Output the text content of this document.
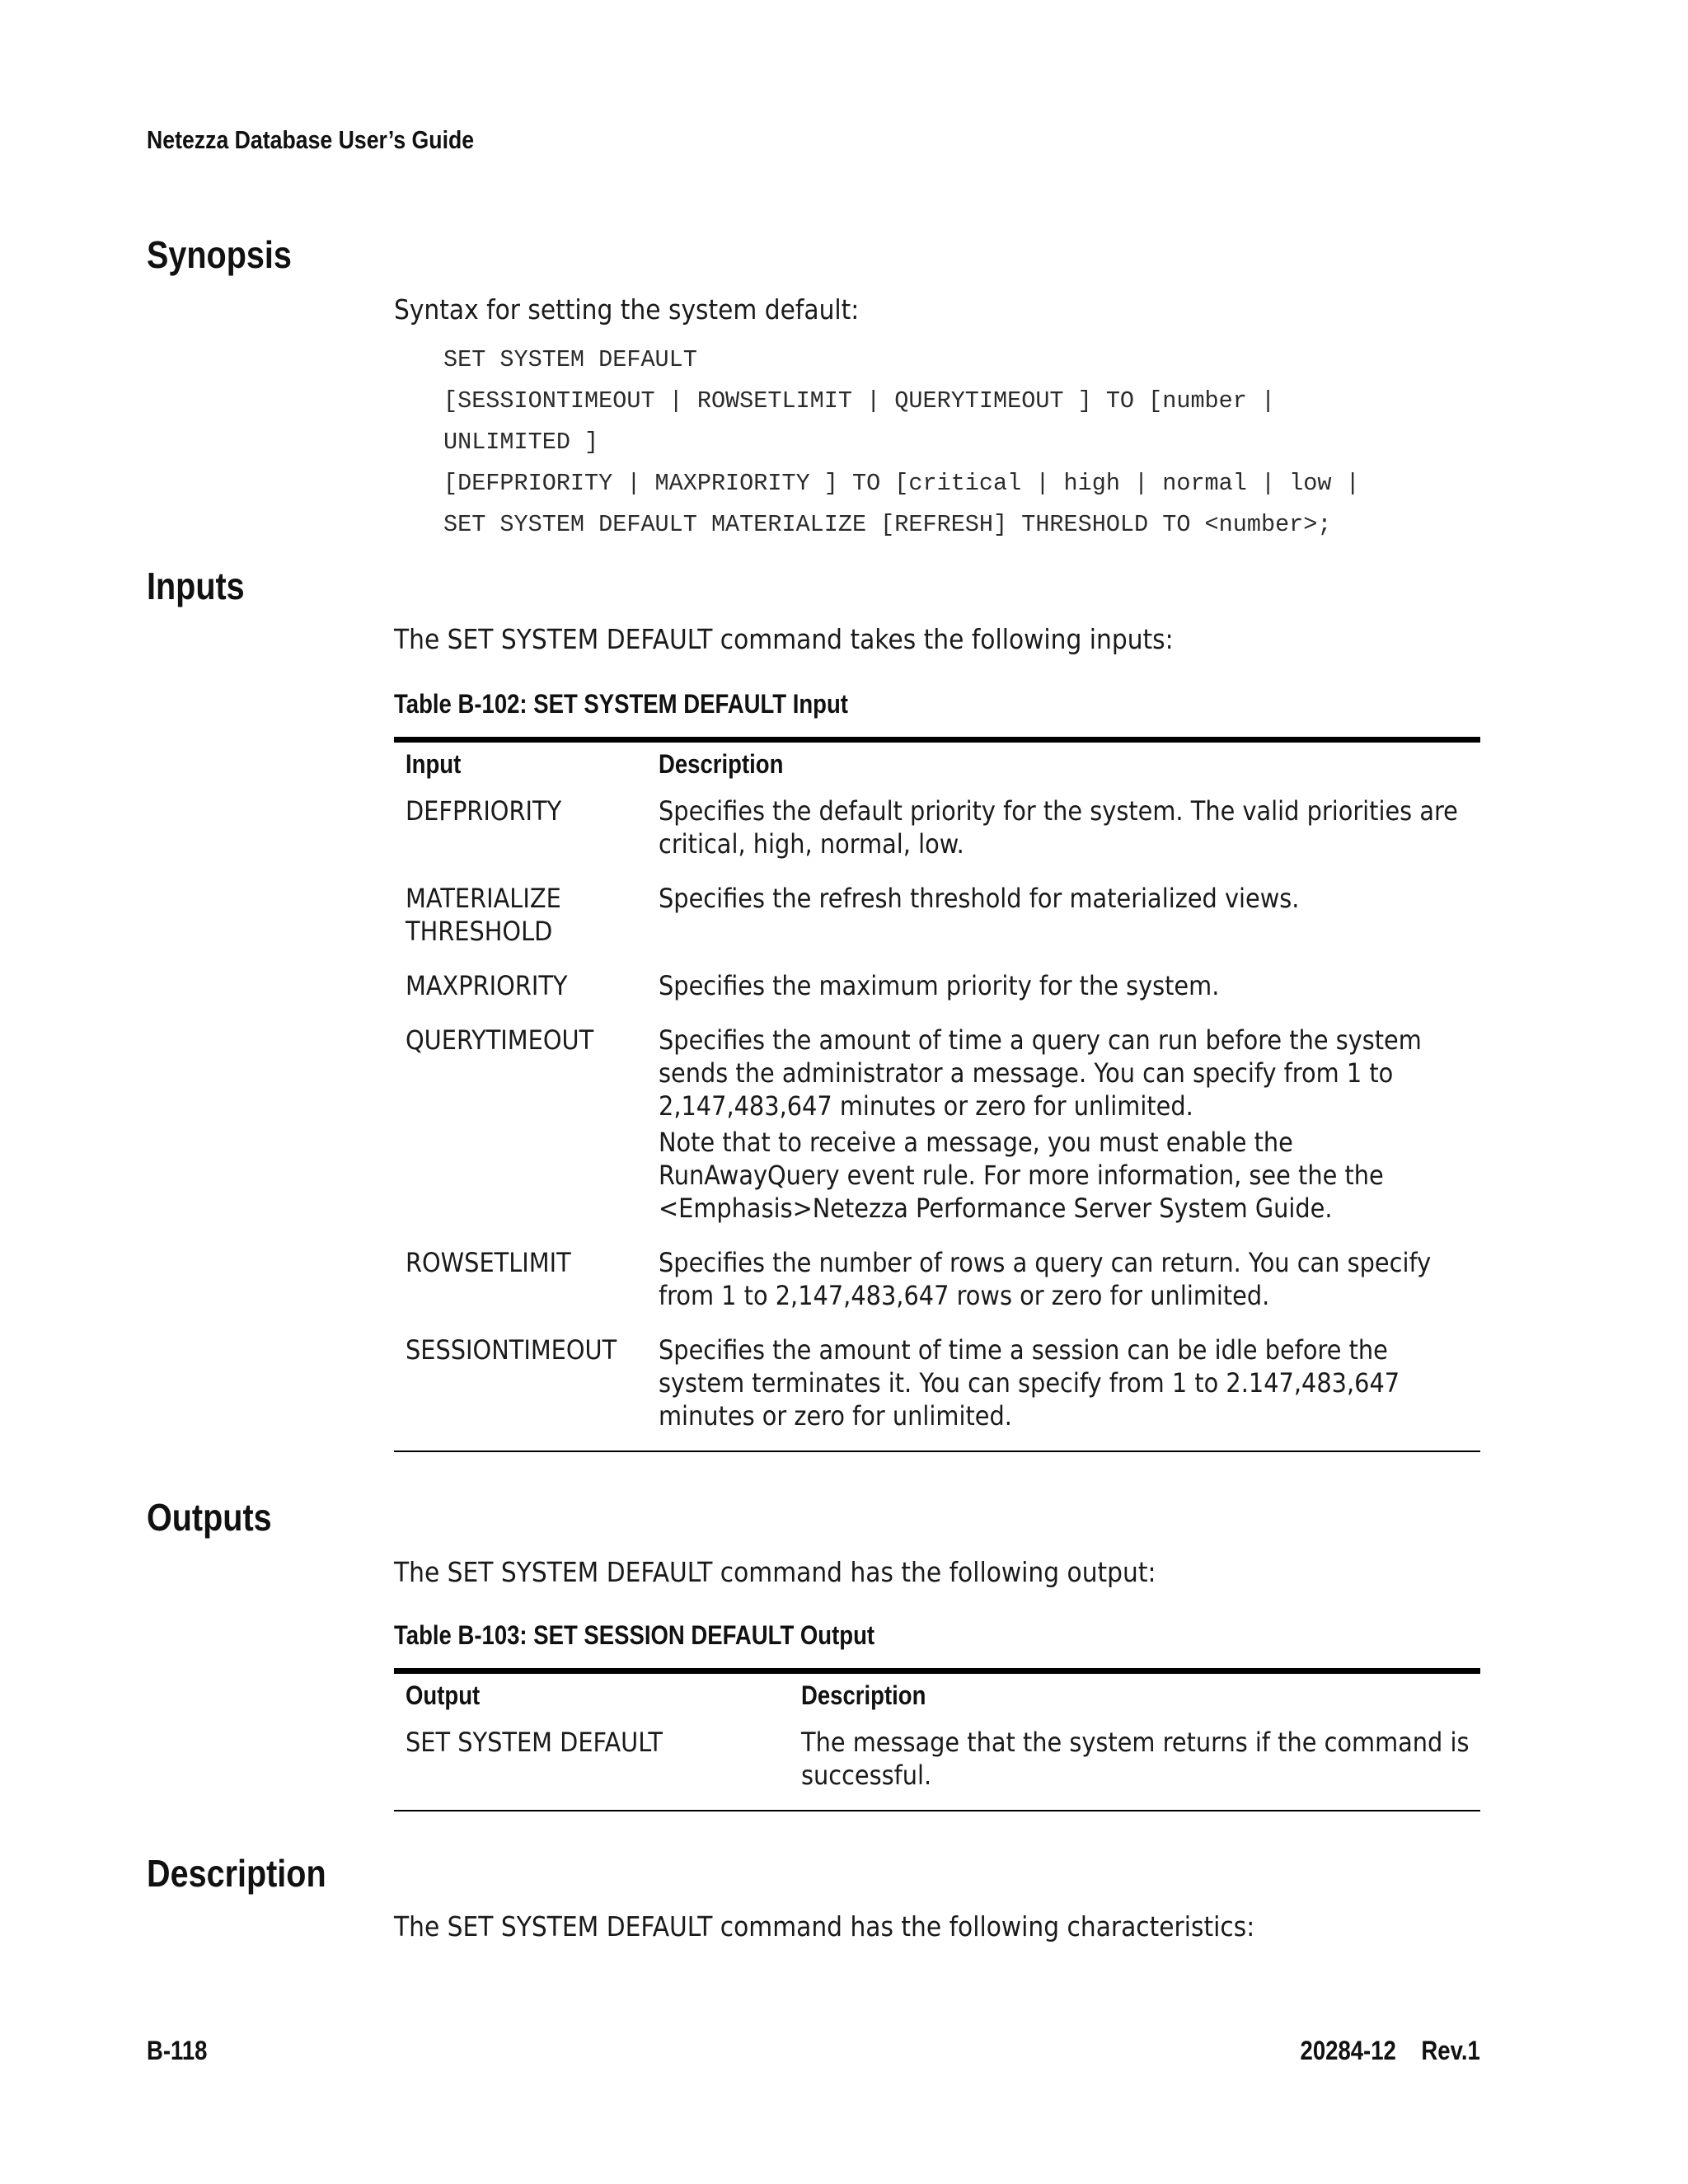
Netezza Database User’s Guide
Synopsis

Syntax for setting the system default:

SET SYSTEM DEFAULT
[SESSIONTIMEOUT | ROWSETLIMIT | QUERYTIMEOUT ] TO [number |
UNLIMITED ]
[DEFPRIORITY | MAXPRIORITY ] TO [critical | high | normal | low |
SET SYSTEM DEFAULT MATERIALIZE [REFRESH] THRESHOLD TO <number>;
Inputs

The SET SYSTEM DEFAULT command takes the following inputs:

Table B-102: SET SYSTEM DEFAULT Input

Input	Description

DEFPRIORITY	Specifies the default priority for the system. The valid priorities are critical, high, normal, low.

MATERIALIZE THRESHOLD	Specifies the refresh threshold for materialized views.

MAXPRIORITY	Specifies the maximum priority for the system.

QUERYTIMEOUT	Specifies the amount of time a query can run before the system sends the administrator a message. You can specify from 1 to 2,147,483,647 minutes or zero for unlimited.
Note that to receive a message, you must enable the RunAwayQuery event rule. For more information, see the the <Emphasis>Netezza Performance Server System Guide.

ROWSETLIMIT	Specifies the number of rows a query can return. You can specify from 1 to 2,147,483,647 rows or zero for unlimited.

SESSIONTIMEOUT	Specifies the amount of time a session can be idle before the system terminates it. You can specify from 1 to 2.147,483,647 minutes or zero for unlimited.
Outputs

The SET SYSTEM DEFAULT command has the following output:

Table B-103: SET SESSION DEFAULT Output

Output	Description

SET SYSTEM DEFAULT	The message that the system returns if the command is successful.
Description

The SET SYSTEM DEFAULT command has the following characteristics:

B-118	20284-12    Rev.1
